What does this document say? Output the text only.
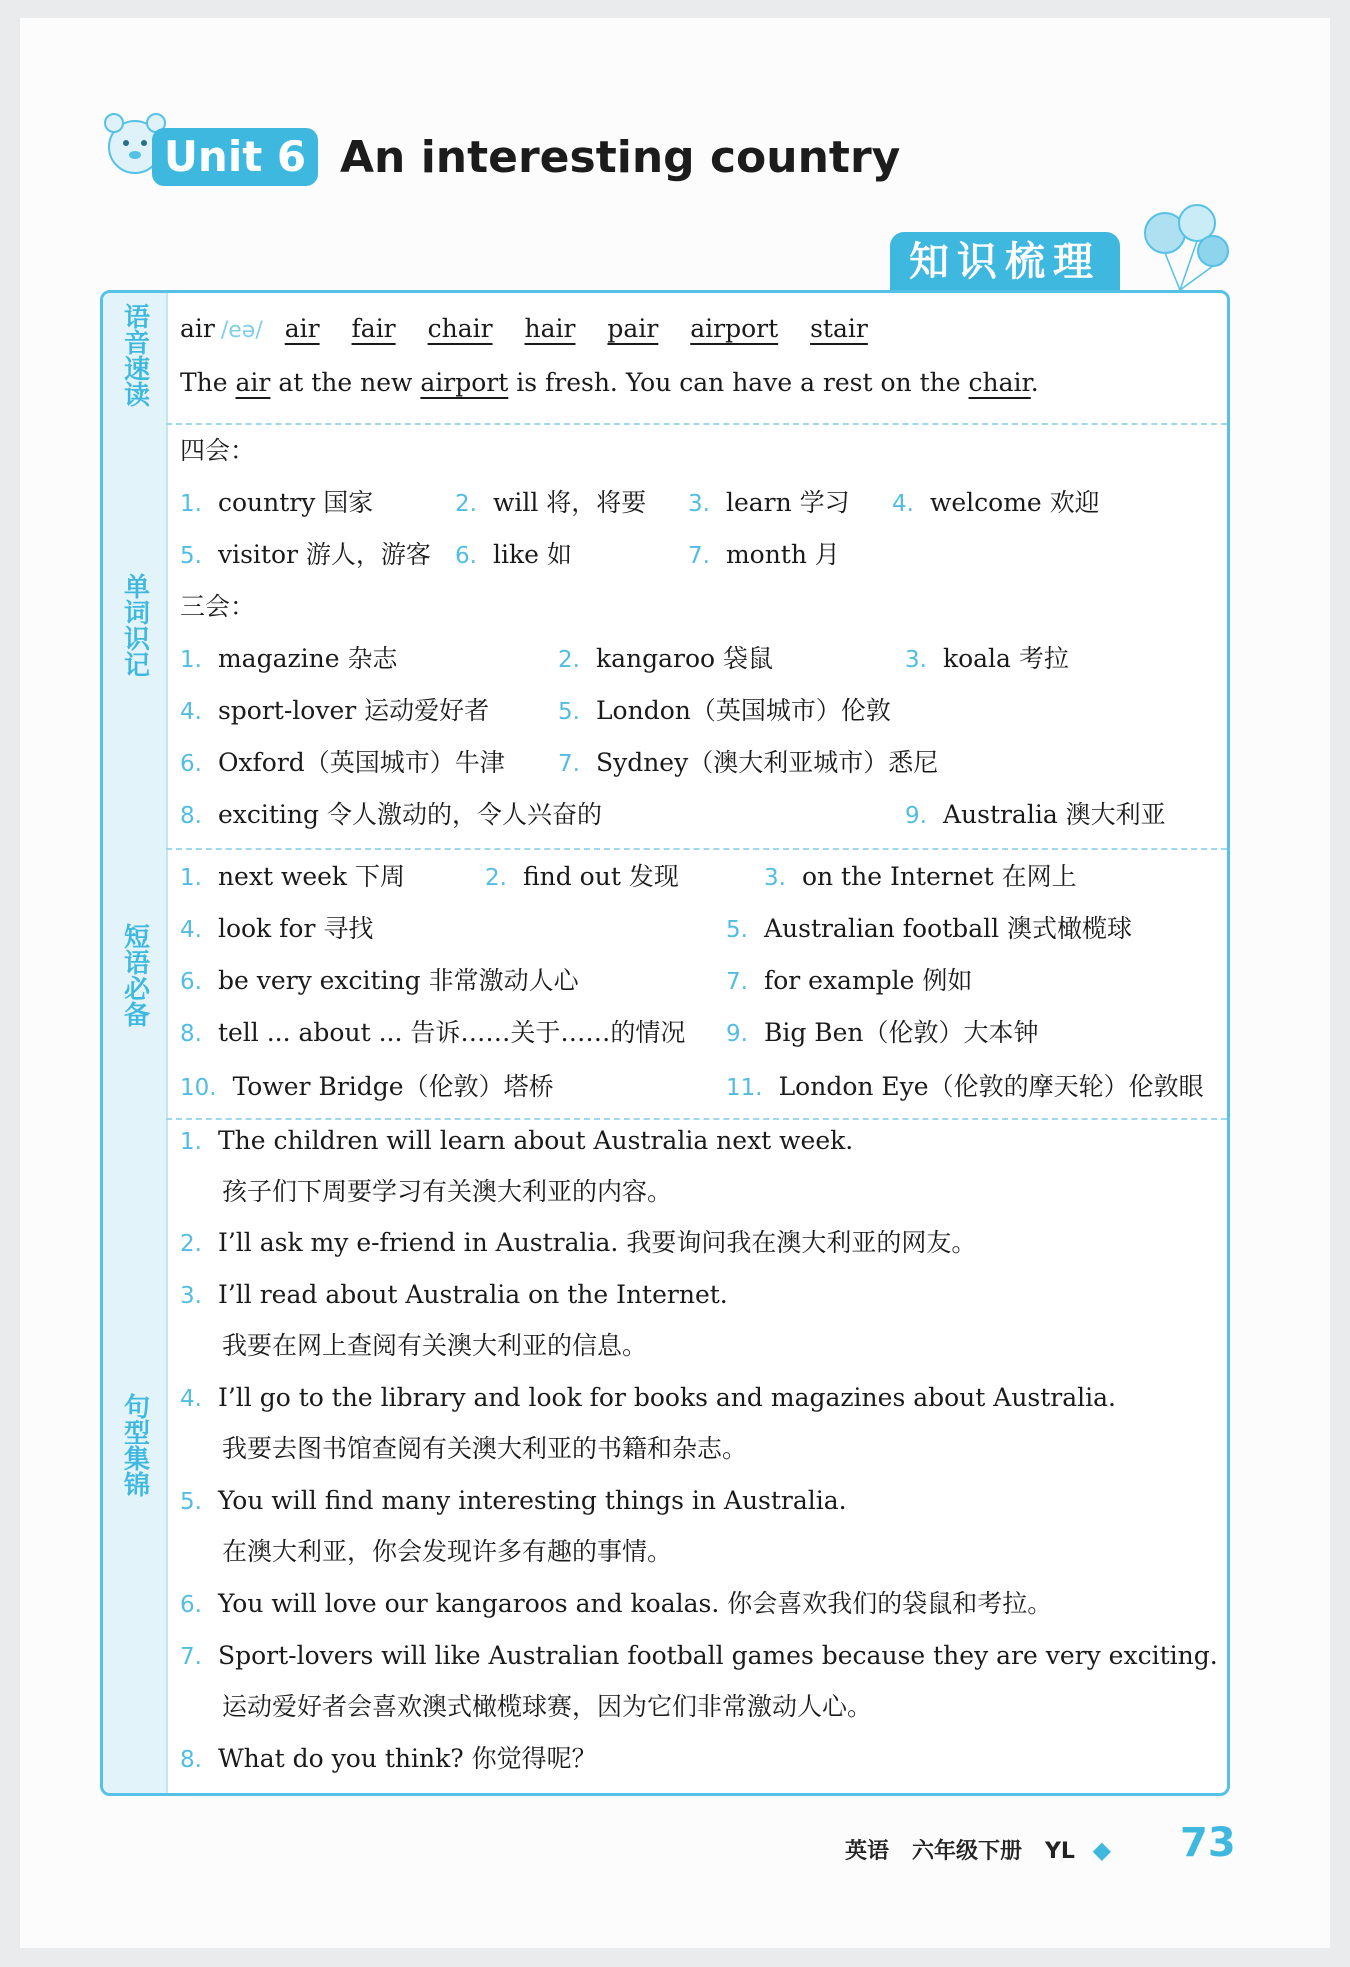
Unit 6 An interesting country
知识梳理
语音速读
单词识记
短语必备
句型集锦
air /eə/ air fair chair hair pair airport stair
The air at the new airport is fresh. You can have a rest on the chair.
四会：
1. country 国家	2. will 将，将要 3. learn 学习 4. welcome 欢迎
5. visitor 游人，游客 6. like 如	7. month 月
三会：
1. magazine 杂志	2. kangaroo 袋鼠	3. koala 考拉
4. sport-lover 运动爱好者	5. London（英国城市）伦敦
6. Oxford（英国城市）牛津 7. Sydney（澳大利亚城市）悉尼
8. exciting 令人激动的，令人兴奋的	9. Australia 澳大利亚
1. next week 下周	2. find out 发现	3. on the Internet 在网上
4. look for 寻找	5. Australian football 澳式橄榄球
6. be very exciting 非常激动人心	7. for example 例如
8. tell ... about ... 告诉……关于……的情况 9. Big Ben（伦敦）大本钟
10. Tower Bridge（伦敦）塔桥	11. London Eye（伦敦的摩天轮）伦敦眼
1. The children will learn about Australia next week.
孩子们下周要学习有关澳大利亚的内容。
2. I’ll ask my e-friend in Australia. 我要询问我在澳大利亚的网友。
3. I’ll read about Australia on the Internet.
我要在网上查阅有关澳大利亚的信息。
4. I’ll go to the library and look for books and magazines about Australia.
我要去图书馆查阅有关澳大利亚的书籍和杂志。
5. You will find many interesting things in Australia.
在澳大利亚，你会发现许多有趣的事情。
6. You will love our kangaroos and koalas. 你会喜欢我们的袋鼠和考拉。
7. Sport-lovers will like Australian football games because they are very exciting.
运动爱好者会喜欢澳式橄榄球赛，因为它们非常激动人心。
8. What do you think? 你觉得呢？
英语 六年级下册 YL ◆ 73
